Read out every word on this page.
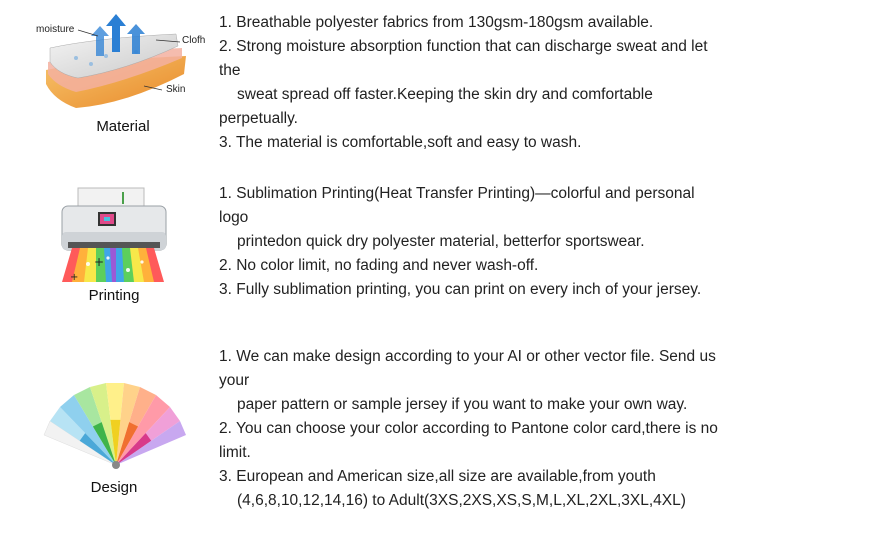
moisture
Clofh
Skin
Material
1. Breathable polyester fabrics from 130gsm-180gsm available.
2. Strong moisture absorption function that can discharge sweat and let
the
sweat spread off faster.Keeping the skin dry and comfortable
perpetually.
3. The material is comfortable,soft and easy to wash.
+
+
Printing
1. Sublimation Printing(Heat Transfer Printing)—colorful and personal
logo
printedon quick dry polyester material, betterfor sportswear.
2. No color limit, no fading and never wash-off.
3. Fully sublimation printing, you can print on every inch of your jersey.
Design
1. We can make design according to your AI or other vector file. Send us
your
paper pattern or sample jersey if you want to make your own way.
2. You can choose your color according to Pantone color card,there is no
limit.
3. European and American size,all size are available,from youth
(4,6,8,10,12,14,16) to Adult(3XS,2XS,XS,S,M,L,XL,2XL,3XL,4XL)
